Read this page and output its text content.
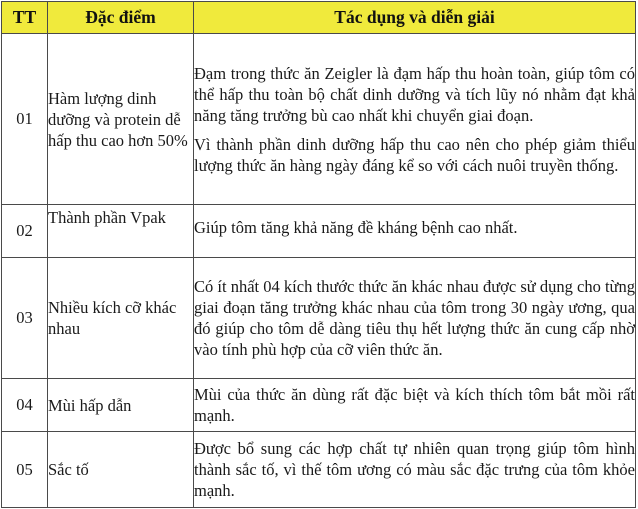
TT	Đặc điểm	Tác dụng và diễn giải
01	Hàm lượng dinh dưỡng và protein dễ hấp thu cao hơn 50%	Đạm trong thức ăn Zeigler là đạm hấp thu hoàn toàn, giúp tôm có thể hấp thu toàn bộ chất dinh dưỡng và tích lũy nó nhằm đạt khả năng tăng trưởng bù cao nhất khi chuyển giai đoạn.

Vì thành phần dinh dưỡng hấp thu cao nên cho phép giảm thiểu lượng thức ăn hàng ngày đáng kể so với cách nuôi truyền thống.

02	Thành phần Vpak	Giúp tôm tăng khả năng đề kháng bệnh cao nhất.

03	Nhiều kích cỡ khác nhau	Có ít nhất 04 kích thước thức ăn khác nhau được sử dụng cho từng giai đoạn tăng trưởng khác nhau của tôm trong 30 ngày ương, qua đó giúp cho tôm dễ dàng tiêu thụ hết lượng thức ăn cung cấp nhờ vào tính phù hợp của cỡ viên thức ăn.

04	Mùi hấp dẫn	Mùi của thức ăn dùng rất đặc biệt và kích thích tôm bắt mồi rất mạnh.

05	Sắc tố	Được bổ sung các hợp chất tự nhiên quan trọng giúp tôm hình thành sắc tố, vì thế tôm ương có màu sắc đặc trưng của tôm khỏe mạnh.
